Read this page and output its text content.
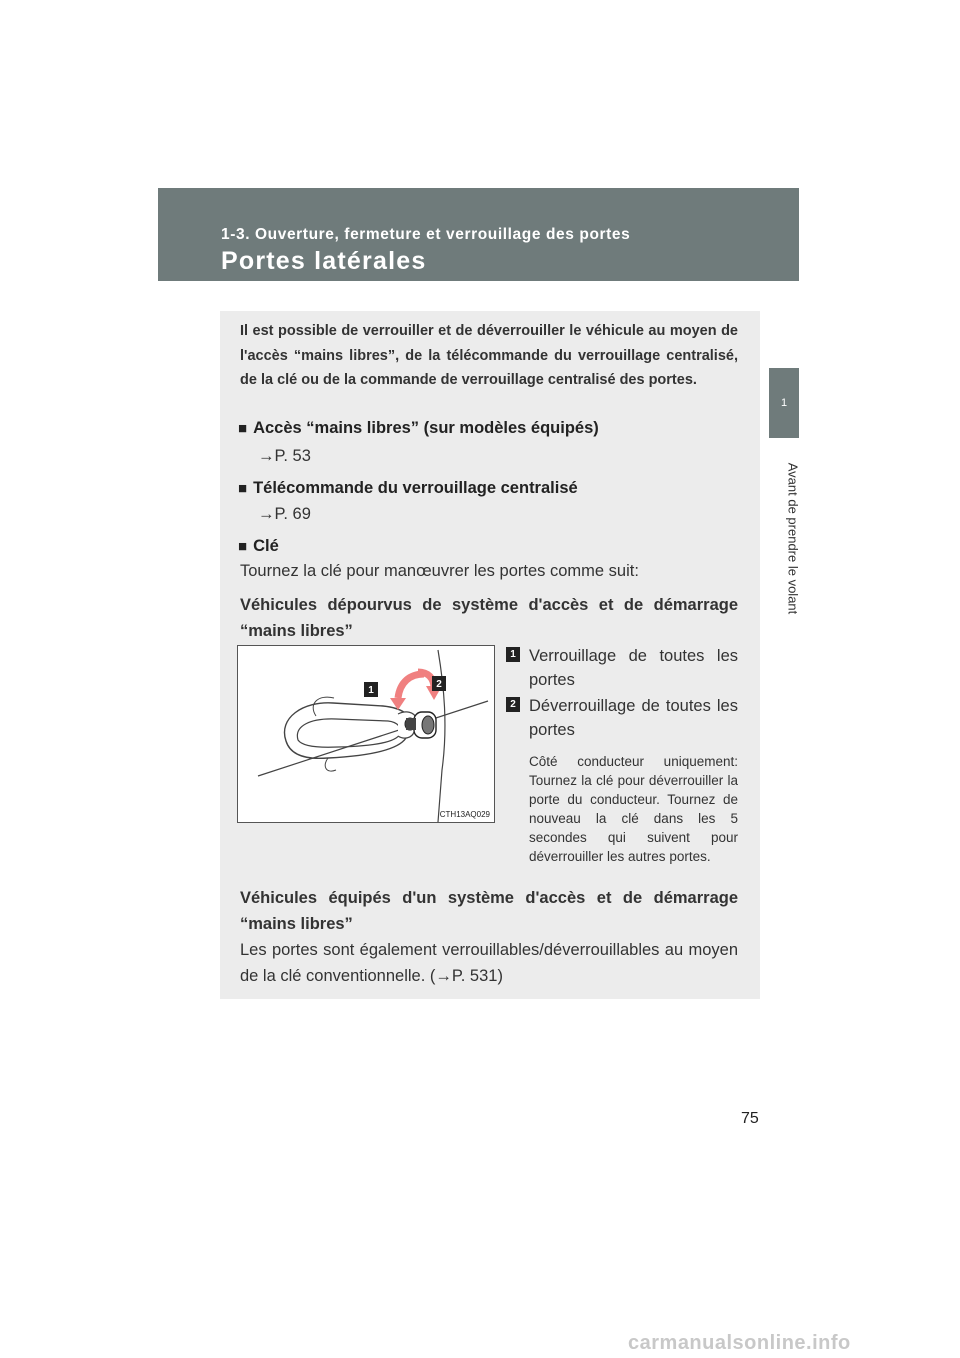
1-3. Ouverture, fermeture et verrouillage des portes
Portes latérales
1
Avant de prendre le volant
Il est possible de verrouiller et de déverrouiller le véhicule au moyen de l'accès “mains libres”, de la télécommande du verrouillage centralisé, de la clé ou de la commande de verrouillage centralisé des portes.
■ Accès “mains libres” (sur modèles équipés)
→P. 53
■ Télécommande du verrouillage centralisé
→P. 69
■ Clé
Tournez la clé pour manœuvrer les portes comme suit:
Véhicules dépourvus de système d'accès et de démarrage “mains libres”
1
2
CTH13AQ029
1 Verrouillage de toutes les portes
2 Déverrouillage de toutes les portes
Côté conducteur uniquement: Tournez la clé pour déverrouiller la porte du conducteur. Tournez de nouveau la clé dans les 5 secondes qui suivent pour déverrouiller les autres portes.
Véhicules équipés d'un système d'accès et de démarrage “mains libres”
Les portes sont également verrouillables/déverrouillables au moyen de la clé conventionnelle. (→P. 531)
75
carmanualsonline.info
